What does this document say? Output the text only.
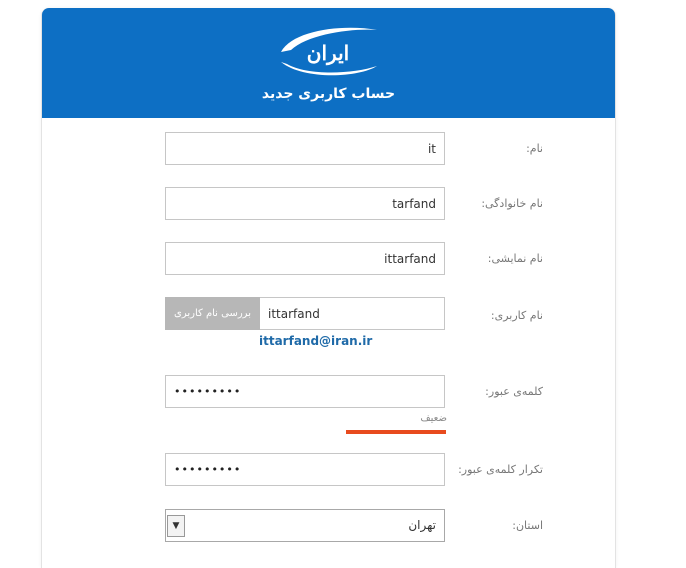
ایران
حساب کاربری جدید
نام:
it
نام خانوادگی:
tarfand
نام نمایشی:
ittarfand
نام کاربری:
بررسی نام کاربری	ittarfand
ittarfand@iran.ir
کلمه‌ی عبور:
•••••••••
ضعیف
تکرار کلمه‌ی عبور:
•••••••••
استان:
▼	تهران
